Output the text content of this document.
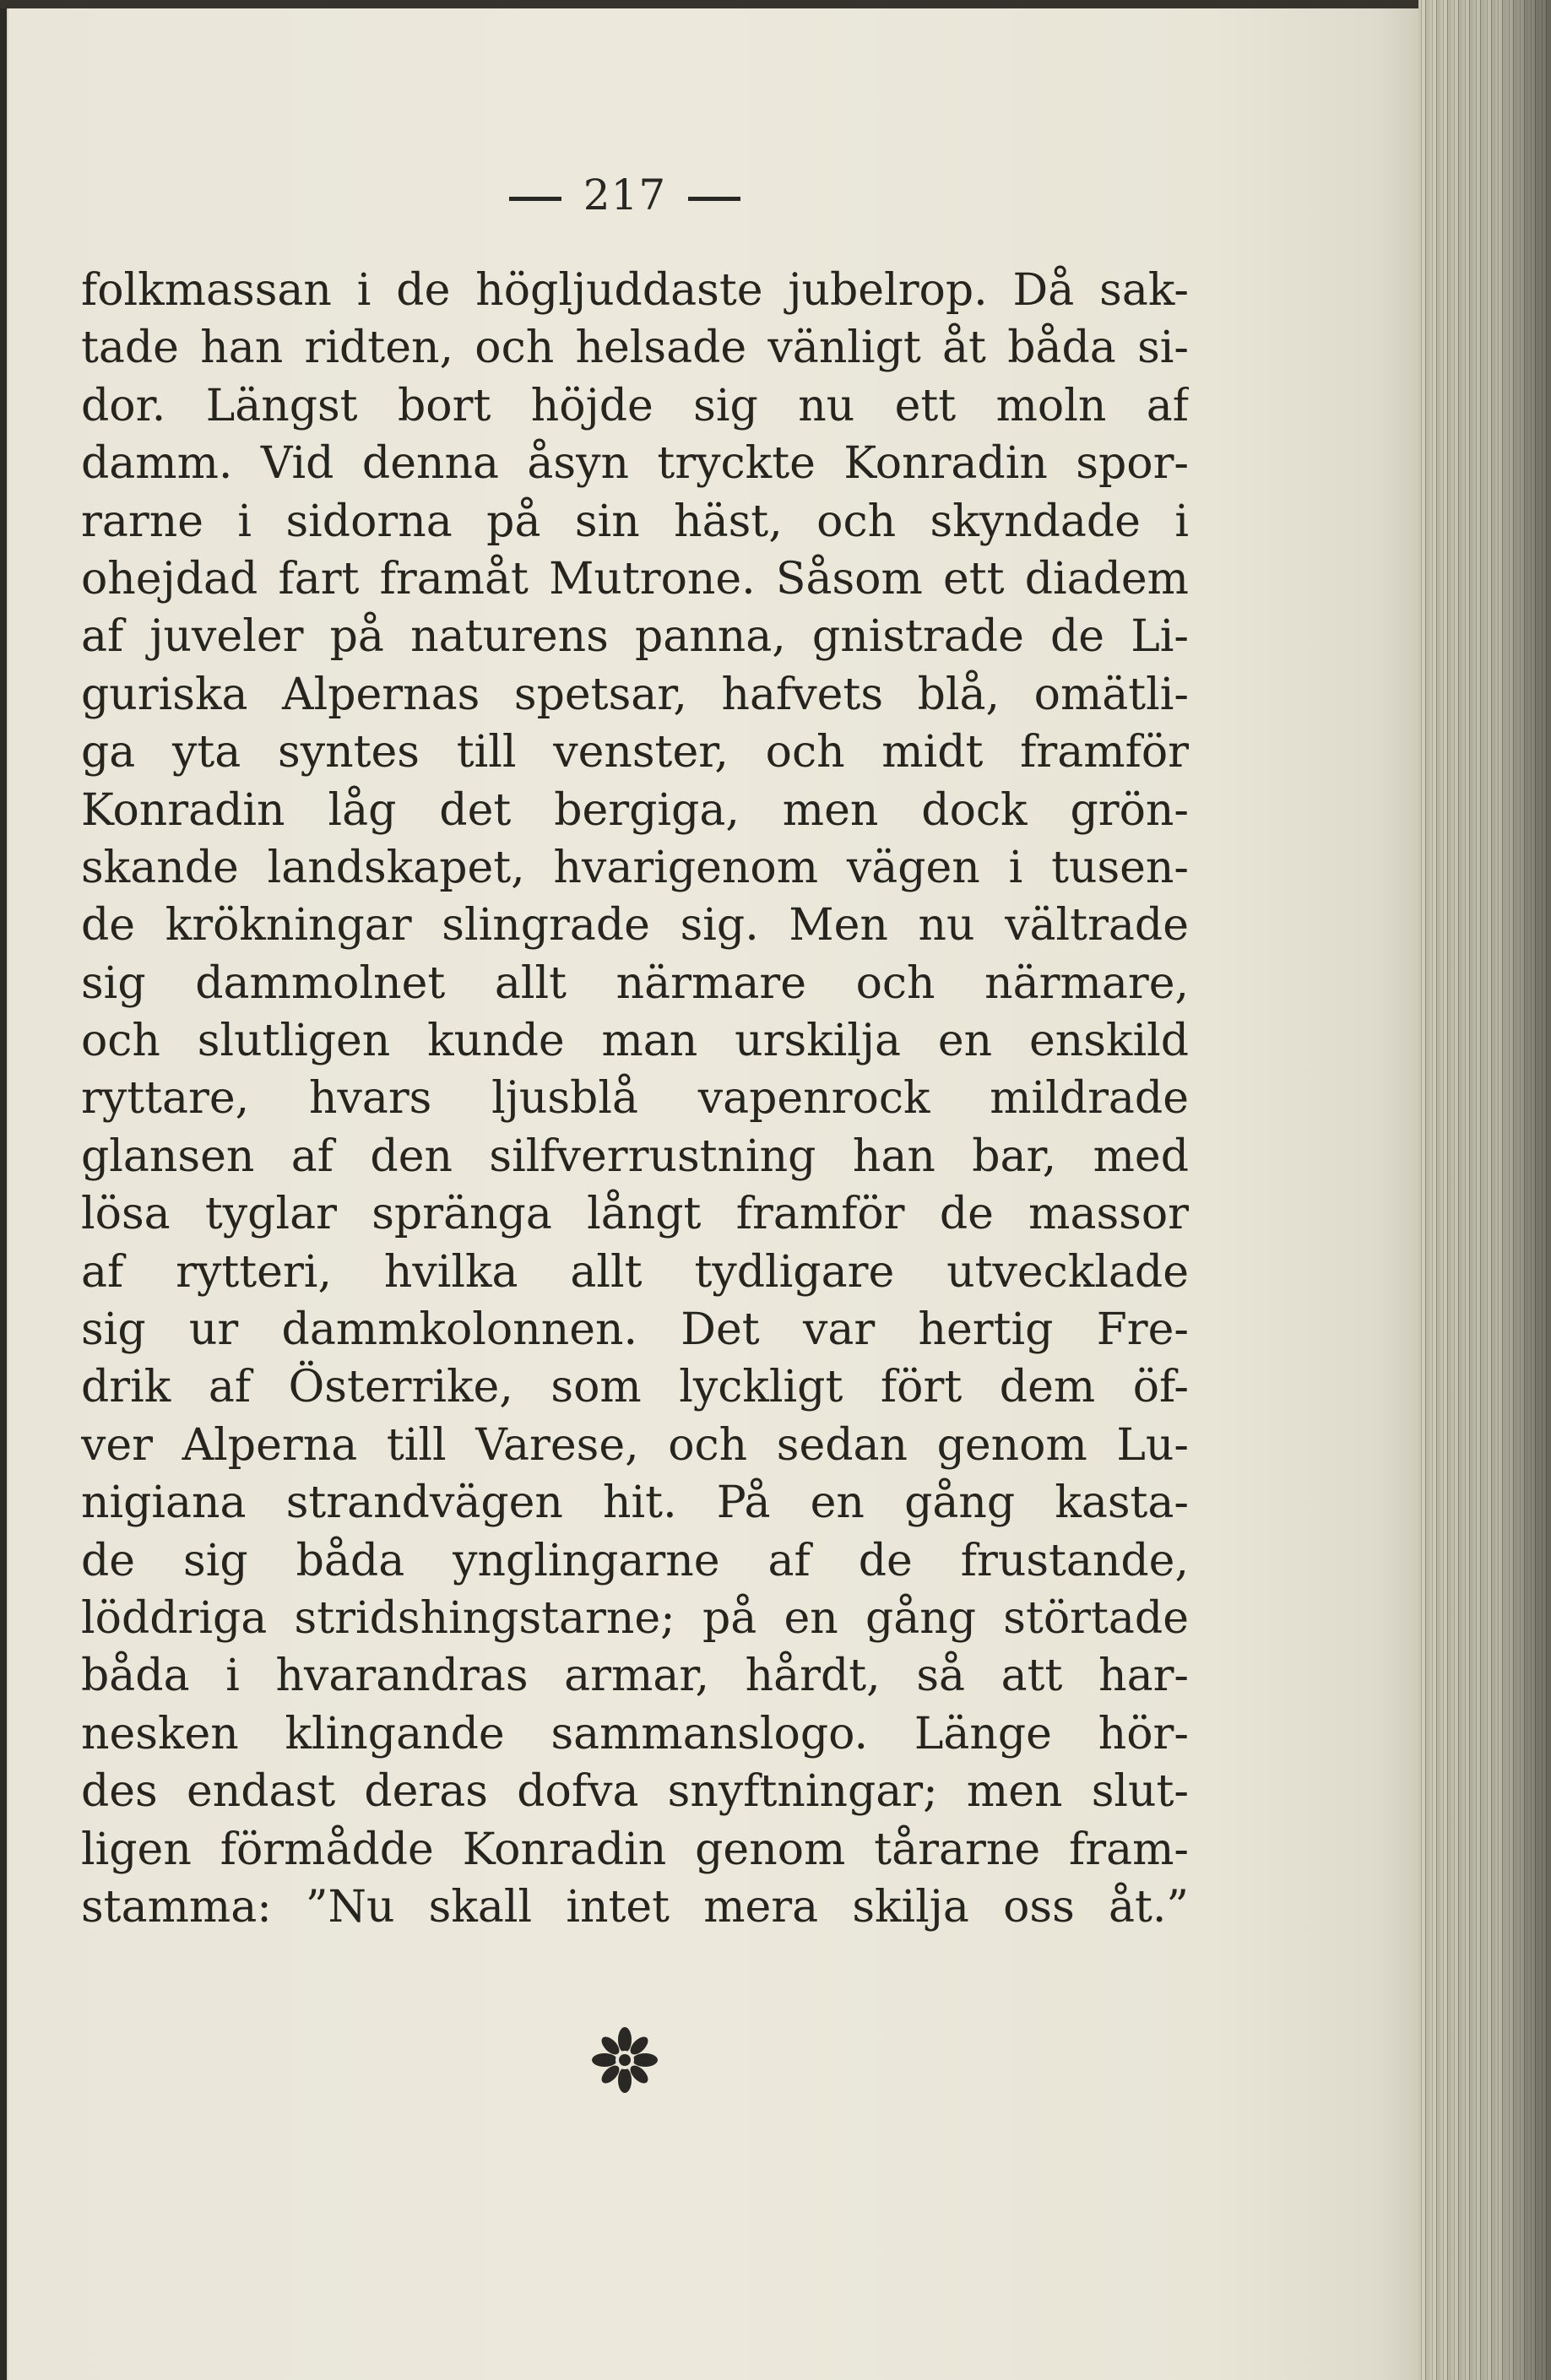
217
folkmassan i de högljuddaste jubelrop. Då sak-
tade han ridten, och helsade vänligt åt båda si-
dor. Längst bort höjde sig nu ett moln af
damm. Vid denna åsyn tryckte Konradin spor-
rarne i sidorna på sin häst, och skyndade i
ohejdad fart framåt Mutrone. Såsom ett diadem
af juveler på naturens panna, gnistrade de Li-
guriska Alpernas spetsar, hafvets blå, omätli-
ga yta syntes till venster, och midt framför
Konradin låg det bergiga, men dock grön-
skande landskapet, hvarigenom vägen i tusen-
de krökningar slingrade sig. Men nu vältrade
sig dammolnet allt närmare och närmare,
och slutligen kunde man urskilja en enskild
ryttare, hvars ljusblå vapenrock mildrade
glansen af den silfverrustning han bar, med
lösa tyglar spränga långt framför de massor
af rytteri, hvilka allt tydligare utvecklade
sig ur dammkolonnen. Det var hertig Fre-
drik af Österrike, som lyckligt fört dem öf-
ver Alperna till Varese, och sedan genom Lu-
nigiana strandvägen hit. På en gång kasta-
de sig båda ynglingarne af de frustande,
löddriga stridshingstarne; på en gång störtade
båda i hvarandras armar, hårdt, så att har-
nesken klingande sammanslogo. Länge hör-
des endast deras dofva snyftningar; men slut-
ligen förmådde Konradin genom tårarne fram-
stamma: ”Nu skall intet mera skilja oss åt.”
